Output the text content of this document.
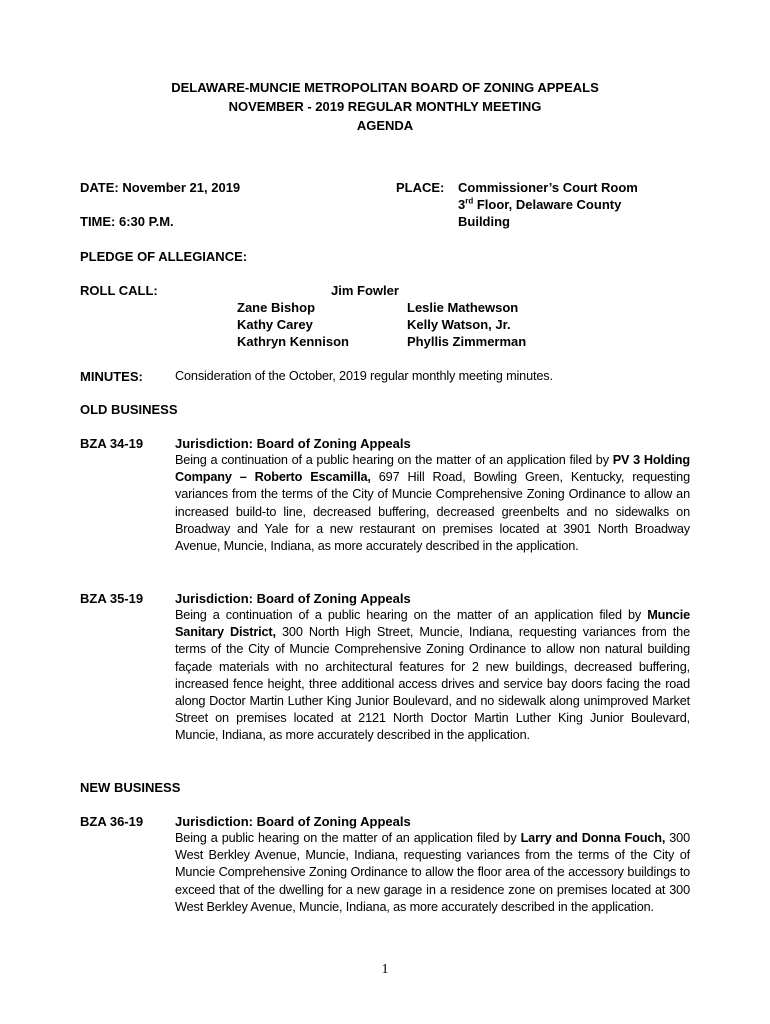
DELAWARE-MUNCIE METROPOLITAN BOARD OF ZONING APPEALS
NOVEMBER - 2019 REGULAR MONTHLY MEETING
AGENDA
DATE: November 21, 2019
TIME: 6:30 P.M.
PLACE: Commissioner’s Court Room
3rd Floor, Delaware County
Building
PLEDGE OF ALLEGIANCE:
ROLL CALL:	Jim Fowler
Zane Bishop
Kathy Carey
Kathryn Kennison
Leslie Mathewson
Kelly Watson, Jr.
Phyllis Zimmerman
MINUTES:	Consideration of the October, 2019 regular monthly meeting minutes.
OLD BUSINESS
BZA 34-19 Jurisdiction: Board of Zoning Appeals
Being a continuation of a public hearing on the matter of an application filed by PV 3 Holding Company – Roberto Escamilla, 697 Hill Road, Bowling Green, Kentucky, requesting variances from the terms of the City of Muncie Comprehensive Zoning Ordinance to allow an increased build-to line, decreased buffering, decreased greenbelts and no sidewalks on Broadway and Yale for a new restaurant on premises located at 3901 North Broadway Avenue, Muncie, Indiana, as more accurately described in the application.
BZA 35-19 Jurisdiction: Board of Zoning Appeals
Being a continuation of a public hearing on the matter of an application filed by Muncie Sanitary District, 300 North High Street, Muncie, Indiana, requesting variances from the terms of the City of Muncie Comprehensive Zoning Ordinance to allow non natural building façade materials with no architectural features for 2 new buildings, decreased buffering, increased fence height, three additional access drives and service bay doors facing the road along Doctor Martin Luther King Junior Boulevard, and no sidewalk along unimproved Market Street on premises located at 2121 North Doctor Martin Luther King Junior Boulevard, Muncie, Indiana, as more accurately described in the application.
NEW BUSINESS
BZA 36-19 Jurisdiction: Board of Zoning Appeals
Being a public hearing on the matter of an application filed by Larry and Donna Fouch, 300 West Berkley Avenue, Muncie, Indiana, requesting variances from the terms of the City of Muncie Comprehensive Zoning Ordinance to allow the floor area of the accessory buildings to exceed that of the dwelling for a new garage in a residence zone on premises located at 300 West Berkley Avenue, Muncie, Indiana, as more accurately described in the application.
1
